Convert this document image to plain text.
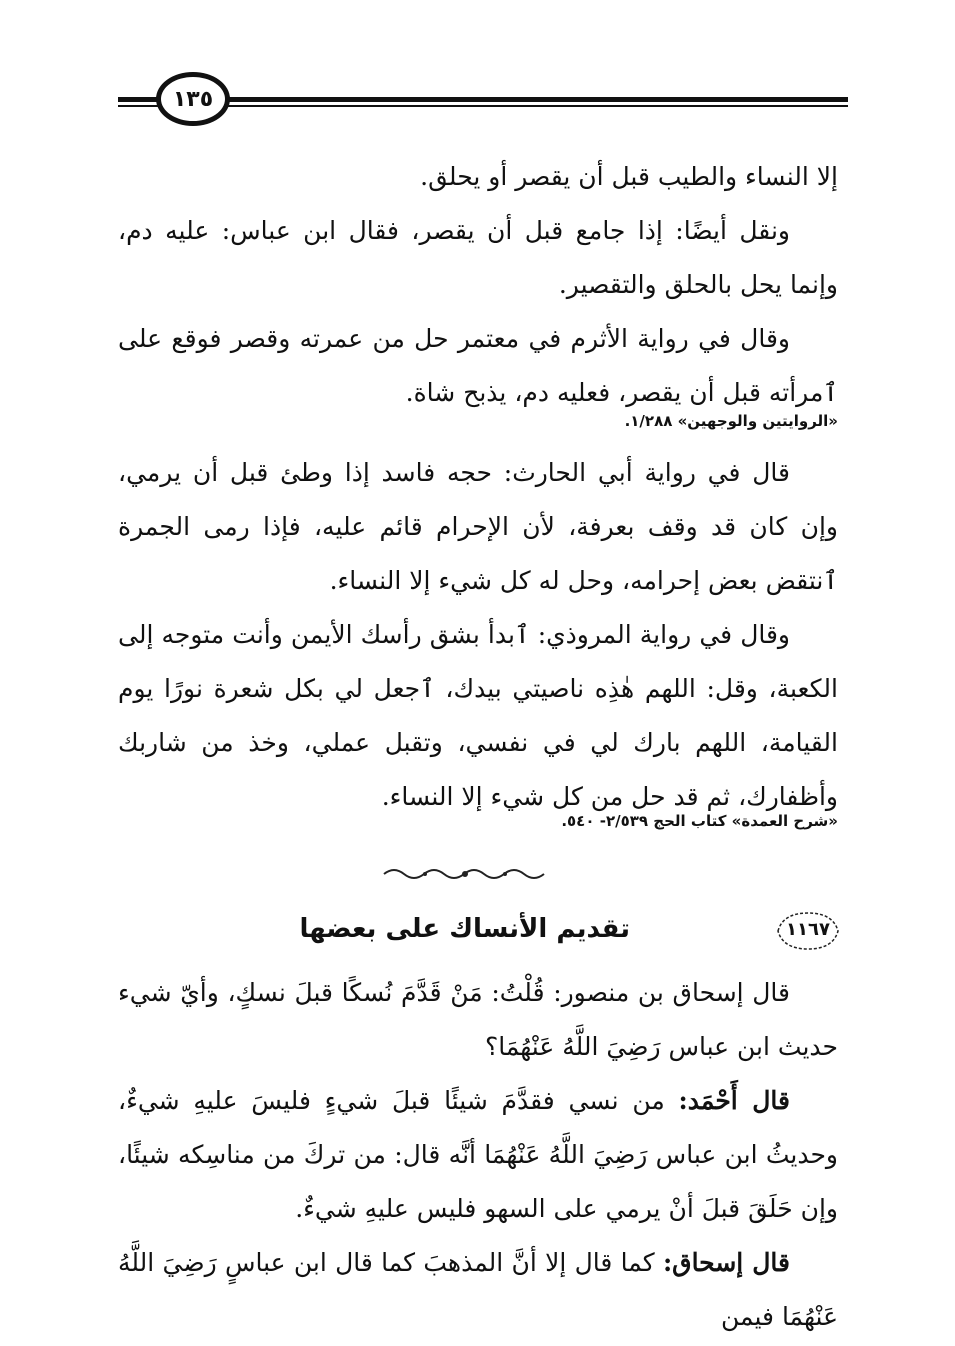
١٣٥

إلا النساء والطيب قبل أن يقصر أو يحلق.

ونقل أيضًا: إذا جامع قبل أن يقصر، فقال ابن عباس: عليه دم، وإنما يحل بالحلق والتقصير.

وقال في رواية الأثرم في معتمر حل من عمرته وقصر فوقع على ٱمرأته قبل أن يقصر، فعليه دم، يذبح شاة.

«الروايتين والوجهين» ١/٢٨٨.

قال في رواية أبي الحارث: حجه فاسد إذا وطئ قبل أن يرمي، وإن كان قد وقف بعرفة، لأن الإحرام قائم عليه، فإذا رمى الجمرة ٱنتقض بعض إحرامه، وحل له كل شيء إلا النساء.

وقال في رواية المروذي: ٱبدأ بشق رأسك الأيمن وأنت متوجه إلى الكعبة، وقل: اللهم هٰذِه ناصيتي بيدك، ٱجعل لي بكل شعرة نورًا يوم القيامة، اللهم بارك لي في نفسي، وتقبل عملي، وخذ من شاربك وأظفارك، ثم قد حل من كل شيء إلا النساء.

«شرح العمدة» كتاب الحج ٢/٥٣٩- ٥٤٠.
١١٦٧
تقديم الأنساك على بعضها

قال إسحاق بن منصور: قُلْتُ: مَنْ قَدَّمَ نُسكًا قبلَ نسكٍ، وأيّ شيء حديث ابن عباس رَضِيَ اللَّهُ عَنْهُمَا؟

قال أَحْمَد: من نسي فقدَّمَ شيئًا قبلَ شيءٍ فليسَ عليهِ شيءٌ، وحديثُ ابن عباس رَضِيَ اللَّهُ عَنْهُمَا أنَّه قال: من تركَ من مناسِكه شيئًا، وإن حَلَقَ قبلَ أنْ يرمي على السهو فليس عليهِ شيءٌ.

قال إسحاق: كما قال إلا أنَّ المذهبَ كما قال ابن عباسٍ رَضِيَ اللَّهُ عَنْهُمَا فيمن
